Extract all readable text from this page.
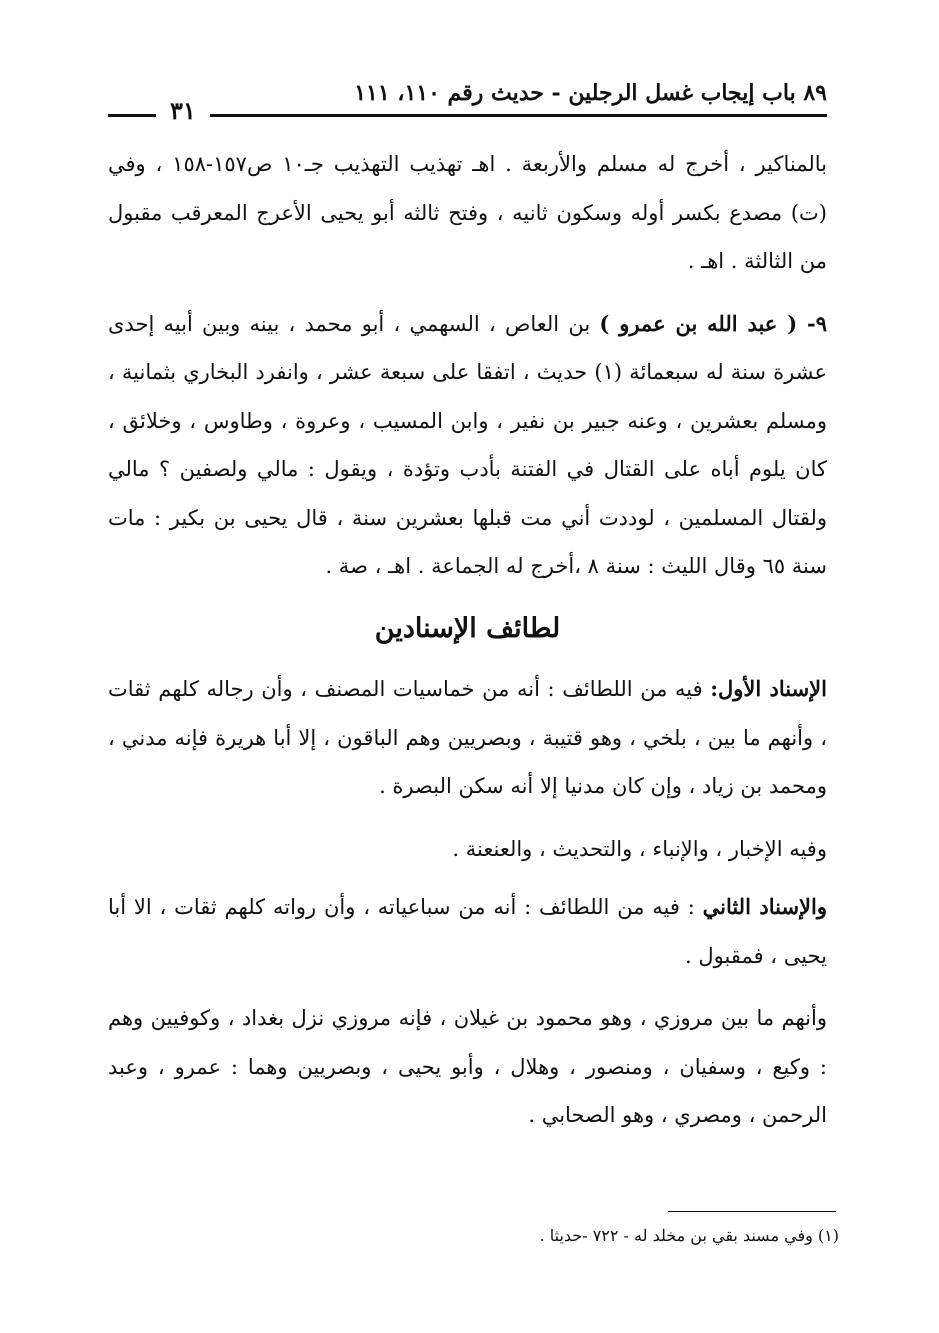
٨٩ باب إيجاب غسل الرجلين - حديث رقم ١١٠، ١١١
٣١

بالمناكير ، أخرج له مسلم والأربعة . اهـ تهذيب التهذيب جـ١٠ ص١٥٧-١٥٨ ، وفي (ت) مصدع بكسر أوله وسكون ثانيه ، وفتح ثالثه أبو يحيى الأعرج المعرقب مقبول من الثالثة . اهـ .

٩- ( عبد الله بن عمرو ) بن العاص ، السهمي ، أبو محمد ، بينه وبين أبيه إحدى عشرة سنة له سبعمائة (١) حديث ، اتفقا على سبعة عشر ، وانفرد البخاري بثمانية ، ومسلم بعشرين ، وعنه جبير بن نفير ، وابن المسيب ، وعروة ، وطاوس ، وخلائق ، كان يلوم أباه على القتال في الفتنة بأدب وتؤدة ، ويقول : مالي ولصفين ؟ مالي ولقتال المسلمين ، لوددت أني مت قبلها بعشرين سنة ، قال يحيى بن بكير : مات سنة ٦٥ وقال الليث : سنة ٨ ،أخرج له الجماعة . اهـ ، صة .

لطائف الإسنادين

الإسناد الأول: فيه من اللطائف : أنه من خماسيات المصنف ، وأن رجاله كلهم ثقات ، وأنهم ما بين ، بلخي ، وهو قتيبة ، وبصريين وهم الباقون ، إلا أبا هريرة فإنه مدني ، ومحمد بن زياد ، وإن كان مدنيا إلا أنه سكن البصرة .

وفيه الإخبار ، والإنباء ، والتحديث ، والعنعنة .

والإسناد الثاني : فيه من اللطائف : أنه من سباعياته ، وأن رواته كلهم ثقات ، الا أبا يحيى ، فمقبول .

وأنهم ما بين مروزي ، وهو محمود بن غيلان ، فإنه مروزي نزل بغداد ، وكوفيين وهم : وكيع ، وسفيان ، ومنصور ، وهلال ، وأبو يحيى ، وبصريين وهما : عمرو ، وعبد الرحمن ، ومصري ، وهو الصحابي .

(١) وفي مسند بقي بن مخلد له - ٧٢٢ -حديثا .
